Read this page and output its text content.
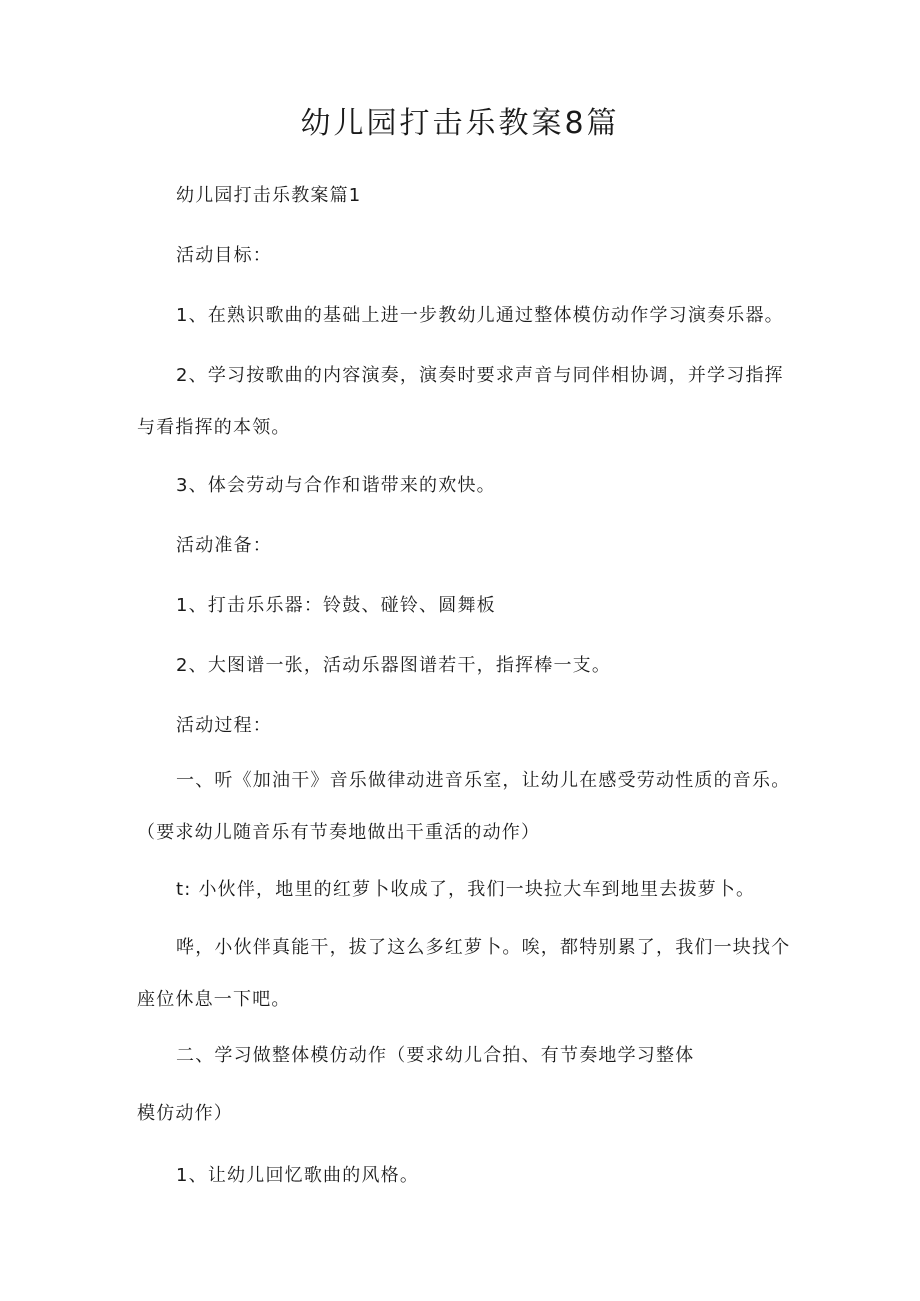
幼儿园打击乐教案8篇

幼儿园打击乐教案篇1

活动目标：

1、在熟识歌曲的基础上进一步教幼儿通过整体模仿动作学习演奏乐器。

2、学习按歌曲的内容演奏，演奏时要求声音与同伴相协调，并学习指挥与看指挥的本领。

3、体会劳动与合作和谐带来的欢快。

活动准备：

1、打击乐乐器：铃鼓、碰铃、圆舞板

2、大图谱一张，活动乐器图谱若干，指挥棒一支。

活动过程：

一、听《加油干》音乐做律动进音乐室，让幼儿在感受劳动性质的音乐。（要求幼儿随音乐有节奏地做出干重活的动作）

t: 小伙伴，地里的红萝卜收成了，我们一块拉大车到地里去拔萝卜。

哗，小伙伴真能干，拔了这么多红萝卜。唉，都特别累了，我们一块找个座位休息一下吧。

二、学习做整体模仿动作（要求幼儿合拍、有节奏地学习整体

模仿动作）

1、让幼儿回忆歌曲的风格。
